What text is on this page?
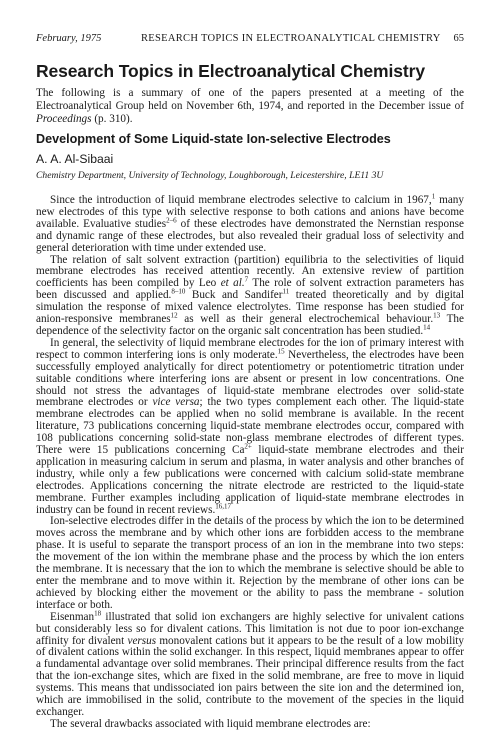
February, 1975	RESEARCH TOPICS IN ELECTROANALYTICAL CHEMISTRY 65
Research Topics in Electroanalytical Chemistry
The following is a summary of one of the papers presented at a meeting of the Electroanalytical Group held on November 6th, 1974, and reported in the December issue of Proceedings (p. 310).
Development of Some Liquid-state Ion-selective Electrodes
A. A. Al-Sibaai
Chemistry Department, University of Technology, Loughborough, Leicestershire, LE11 3U

Since the introduction of liquid membrane electrodes selective to calcium in 1967,$^1$ many new electrodes of this type with selective response to both cations and anions have become available. Evaluative studies$^{2-6}$ of these electrodes have demonstrated the Nernstian response and dynamic range of these electrodes, but also revealed their gradual loss of selectivity and general deterioration with time under extended use.

The relation of salt solvent extraction (partition) equilibria to the selectivities of liquid membrane electrodes has received attention recently. An extensive review of partition coefficients has been compiled by Leo et al.$^7$ The role of solvent extraction parameters has been discussed and applied.$^{8-10}$ Buck and Sandifer$^{11}$ treated theoretically and by digital simulation the response of mixed valence electrolytes. Time response has been studied for anion-responsive membranes$^{12}$ as well as their general electrochemical behaviour.$^{13}$ The dependence of the selectivity factor on the organic salt concentration has been studied.$^{14}$

In general, the selectivity of liquid membrane electrodes for the ion of primary interest with respect to common interfering ions is only moderate.$^{15}$ Nevertheless, the electrodes have been successfully employed analytically for direct potentiometry or potentiometric titration under suitable conditions where interfering ions are absent or present in low concentrations. One should not stress the advantages of liquid-state membrane electrodes over solid-state membrane electrodes or vice versa; the two types complement each other. The liquid-state membrane electrodes can be applied when no solid membrane is available. In the recent literature, 73 publications concerning liquid-state membrane electrodes occur, compared with 108 publications concerning solid-state non-glass membrane electrodes of different types. There were 15 publications concerning $Ca^{2+}$ liquid-state membrane electrodes and their application in measuring calcium in serum and plasma, in water analysis and other branches of industry, while only a few publications were concerned with calcium solid-state membrane electrodes. Applications concerning the nitrate electrode are restricted to the liquid-state membrane. Further examples including application of liquid-state membrane electrodes in industry can be found in recent reviews.$^{16,17}$

Ion-selective electrodes differ in the details of the process by which the ion to be determined moves across the membrane and by which other ions are forbidden access to the membrane phase. It is useful to separate the transport process of an ion in the membrane into two steps: the movement of the ion within the membrane phase and the process by which the ion enters the membrane. It is necessary that the ion to which the membrane is selective should be able to enter the membrane and to move within it. Rejection by the membrane of other ions can be achieved by blocking either the movement or the ability to pass the membrane - solution interface or both.

Eisenman$^{18}$ illustrated that solid ion exchangers are highly selective for univalent cations but considerably less so for divalent cations. This limitation is not due to poor ion-exchange affinity for divalent versus monovalent cations but it appears to be the result of a low mobility of divalent cations within the solid exchanger. In this respect, liquid membranes appear to offer a fundamental advantage over solid membranes. Their principal difference results from the fact that the ion-exchange sites, which are fixed in the solid membrane, are free to move in liquid systems. This means that undissociated ion pairs between the site ion and the determined ion, which are immobilised in the solid, contribute to the movement of the species in the liquid exchanger.

The several drawbacks associated with liquid membrane electrodes are:
